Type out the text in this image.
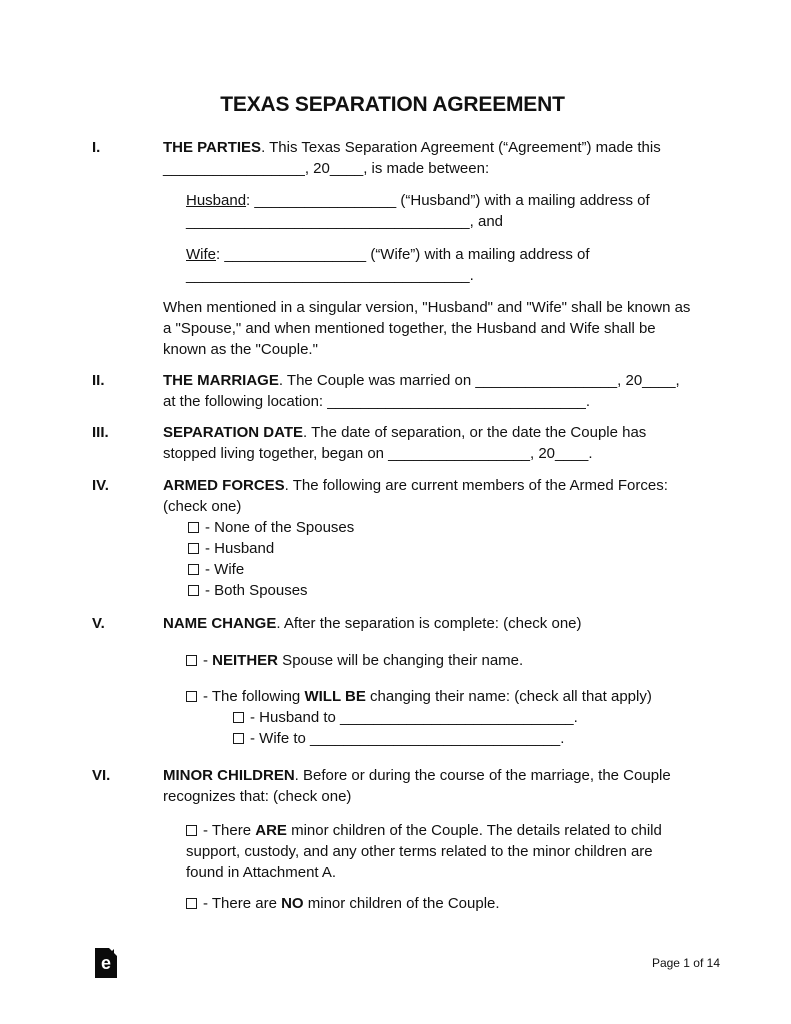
TEXAS SEPARATION AGREEMENT
I.	THE PARTIES. This Texas Separation Agreement (“Agreement”) made this _________________, 20____, is made between:

Husband: _________________ (“Husband”) with a mailing address of __________________________________, and

Wife: _________________ (“Wife”) with a mailing address of __________________________________.

When mentioned in a singular version, "Husband" and "Wife" shall be known as a "Spouse," and when mentioned together, the Husband and Wife shall be known as the "Couple."

II.	THE MARRIAGE. The Couple was married on _________________, 20____, at the following location: _______________________________.

III.	SEPARATION DATE. The date of separation, or the date the Couple has stopped living together, began on _________________, 20____.

IV.	ARMED FORCES. The following are current members of the Armed Forces: (check one)

- None of the Spouses

- Husband

- Wife

- Both Spouses

V.	NAME CHANGE. After the separation is complete: (check one)

- NEITHER Spouse will be changing their name.

- The following WILL BE changing their name: (check all that apply)

- Husband to ____________________________.

- Wife to ______________________________.

VI.	MINOR CHILDREN. Before or during the course of the marriage, the Couple recognizes that: (check one)

- There ARE minor children of the Couple. The details related to child support, custody, and any other terms related to the minor children are found in Attachment A.

- There are NO minor children of the Couple.

e	Page 1 of 14
